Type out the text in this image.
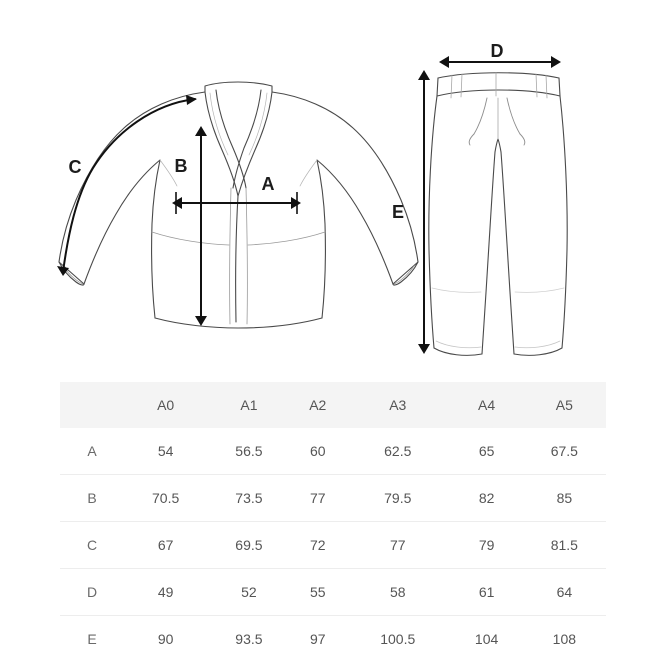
A
B
C
D
E
	A0	A1	A2	A3	A4	A5
A	54	56.5	60	62.5	65	67.5
B	70.5	73.5	77	79.5	82	85
C	67	69.5	72	77	79	81.5
D	49	52	55	58	61	64
E	90	93.5	97	100.5	104	108
